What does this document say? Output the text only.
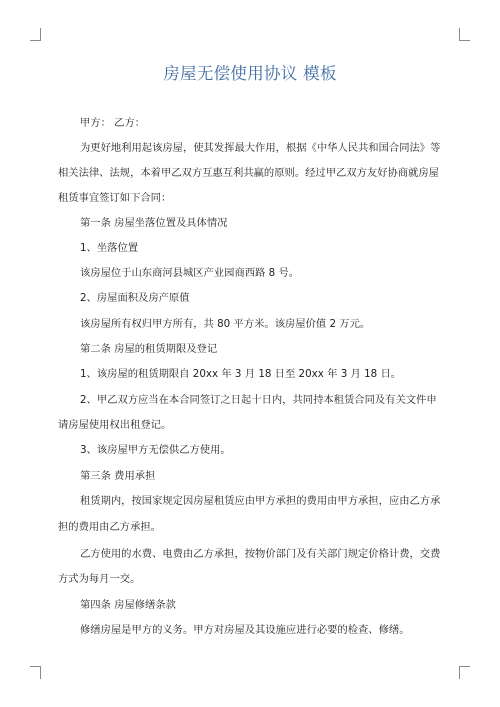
房屋无偿使用协议 模板
甲方： 乙方：
为更好地利用起该房屋，使其发挥最大作用，根据《中华人民共和国合同法》等
相关法律、法规，本着甲乙双方互惠互利共赢的原则。经过甲乙双方友好协商就房屋
租赁事宜签订如下合同：
第一条 房屋坐落位置及具体情况
1、坐落位置
该房屋位于山东商河县城区产业园商西路 8 号。
2、房屋面积及房产原值
该房屋所有权归甲方所有，共 80 平方米。该房屋价值 2 万元。
第二条 房屋的租赁期限及登记
1、该房屋的租赁期限自 20xx 年 3 月 18 日至 20xx 年 3 月 18 日。
2、甲乙双方应当在本合同签订之日起十日内，共同持本租赁合同及有关文件申
请房屋使用权出租登记。
3、该房屋甲方无偿供乙方使用。
第三条 费用承担
租赁期内，按国家规定因房屋租赁应由甲方承担的费用由甲方承担，应由乙方承
担的费用由乙方承担。
乙方使用的水费、电费由乙方承担，按物价部门及有关部门规定价格计费，交费
方式为每月一交。
第四条 房屋修缮条款
修缮房屋是甲方的义务。甲方对房屋及其设施应进行必要的检查、修缮。
